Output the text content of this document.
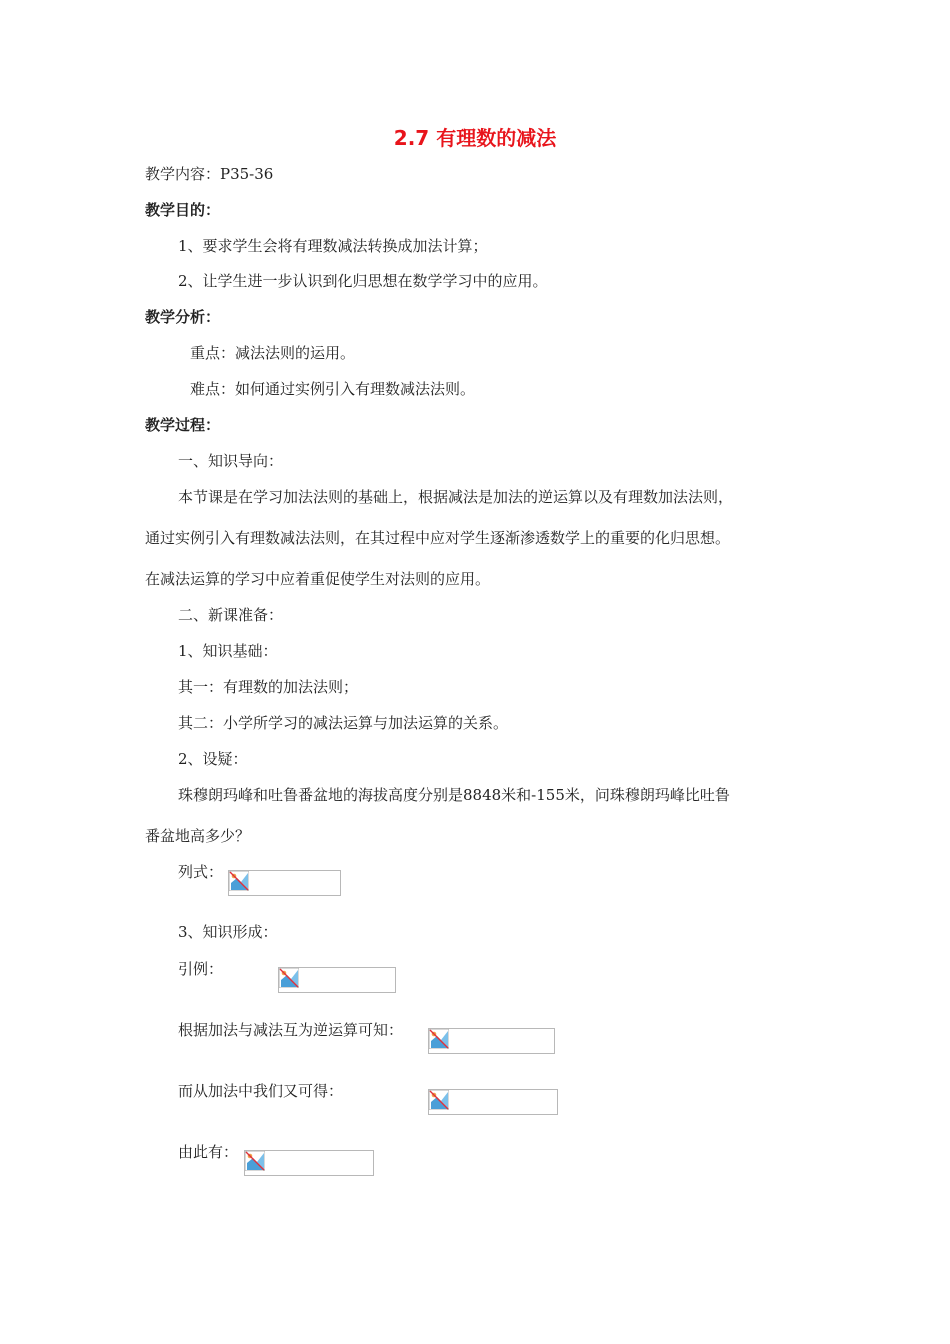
2.7 有理数的减法
教学内容：P35-36
教学目的：
1、要求学生会将有理数减法转换成加法计算；
2、让学生进一步认识到化归思想在数学学习中的应用。
教学分析：
重点：减法法则的运用。
难点：如何通过实例引入有理数减法法则。
教学过程：
一、知识导向：
本节课是在学习加法法则的基础上，根据减法是加法的逆运算以及有理数加法法则，
通过实例引入有理数减法法则，在其过程中应对学生逐渐渗透数学上的重要的化归思想。
在减法运算的学习中应着重促使学生对法则的应用。
二、新课准备：
1、知识基础：
其一：有理数的加法法则；
其二：小学所学习的减法运算与加法运算的关系。
2、设疑：
珠穆朗玛峰和吐鲁番盆地的海拔高度分别是8848米和-155米，问珠穆朗玛峰比吐鲁
番盆地高多少？
列式：
3、知识形成：
引例：
根据加法与减法互为逆运算可知：
而从加法中我们又可得：
由此有：
